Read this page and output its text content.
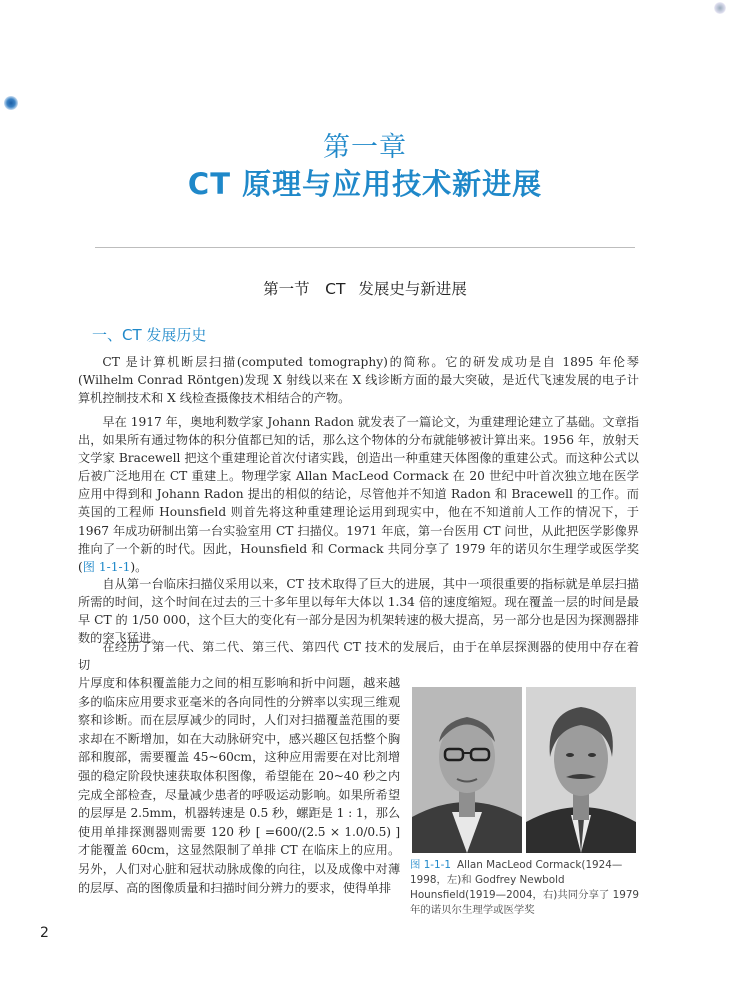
第一章
CT 原理与应用技术新进展
第一节　CT 发展史与新进展
一、CT 发展历史

CT 是计算机断层扫描(computed tomography)的简称。它的研发成功是自 1895 年伦琴(Wilhelm Conrad Röntgen)发现 X 射线以来在 X 线诊断方面的最大突破，是近代飞速发展的电子计算机控制技术和 X 线检查摄像技术相结合的产物。

早在 1917 年，奥地利数学家 Johann Radon 就发表了一篇论文，为重建理论建立了基础。文章指出，如果所有通过物体的积分值都已知的话，那么这个物体的分布就能够被计算出来。1956 年，放射天文学家 Bracewell 把这个重建理论首次付诸实践，创造出一种重建天体图像的重建公式。而这种公式以后被广泛地用在 CT 重建上。物理学家 Allan MacLeod Cormack 在 20 世纪中叶首次独立地在医学应用中得到和 Johann Radon 提出的相似的结论，尽管他并不知道 Radon 和 Bracewell 的工作。而英国的工程师 Hounsfield 则首先将这种重建理论运用到现实中，他在不知道前人工作的情况下，于 1967 年成功研制出第一台实验室用 CT 扫描仪。1971 年底，第一台医用 CT 问世，从此把医学影像界推向了一个新的时代。因此，Hounsfield 和 Cormack 共同分享了 1979 年的诺贝尔生理学或医学奖(图 1-1-1)。

自从第一台临床扫描仪采用以来，CT 技术取得了巨大的进展，其中一项很重要的指标就是单层扫描所需的时间，这个时间在过去的三十多年里以每年大体以 1.34 倍的速度缩短。现在覆盖一层的时间是最早 CT 的 1/50 000，这个巨大的变化有一部分是因为机架转速的极大提高，另一部分也是因为探测器排数的突飞猛进。

在经历了第一代、第二代、第三代、第四代 CT 技术的发展后，由于在单层探测器的使用中存在着切

片厚度和体积覆盖能力之间的相互影响和折中问题，越来越多的临床应用要求亚毫米的各向同性的分辨率以实现三维观察和诊断。而在层厚减少的同时，人们对扫描覆盖范围的要求却在不断增加，如在大动脉研究中，感兴趣区包括整个胸部和腹部，需要覆盖 45~60cm，这种应用需要在对比剂增强的稳定阶段快速获取体积图像，希望能在 20~40 秒之内完成全部检查，尽量减少患者的呼吸运动影响。如果所希望的层厚是 2.5mm，机器转速是 0.5 秒，螺距是 1 : 1，那么使用单排探测器则需要 120 秒 [ =600/(2.5 × 1.0/0.5) ] 才能覆盖 60cm，这显然限制了单排 CT 在临床上的应用。另外，人们对心脏和冠状动脉成像的向往，以及成像中对薄的层厚、高的图像质量和扫描时间分辨力的要求，使得单排

图 1-1-1 Allan MacLeod Cormack(1924—1998，左)和 Godfrey Newbold Hounsfield(1919—2004，右)共同分享了 1979 年的诺贝尔生理学或医学奖
2
